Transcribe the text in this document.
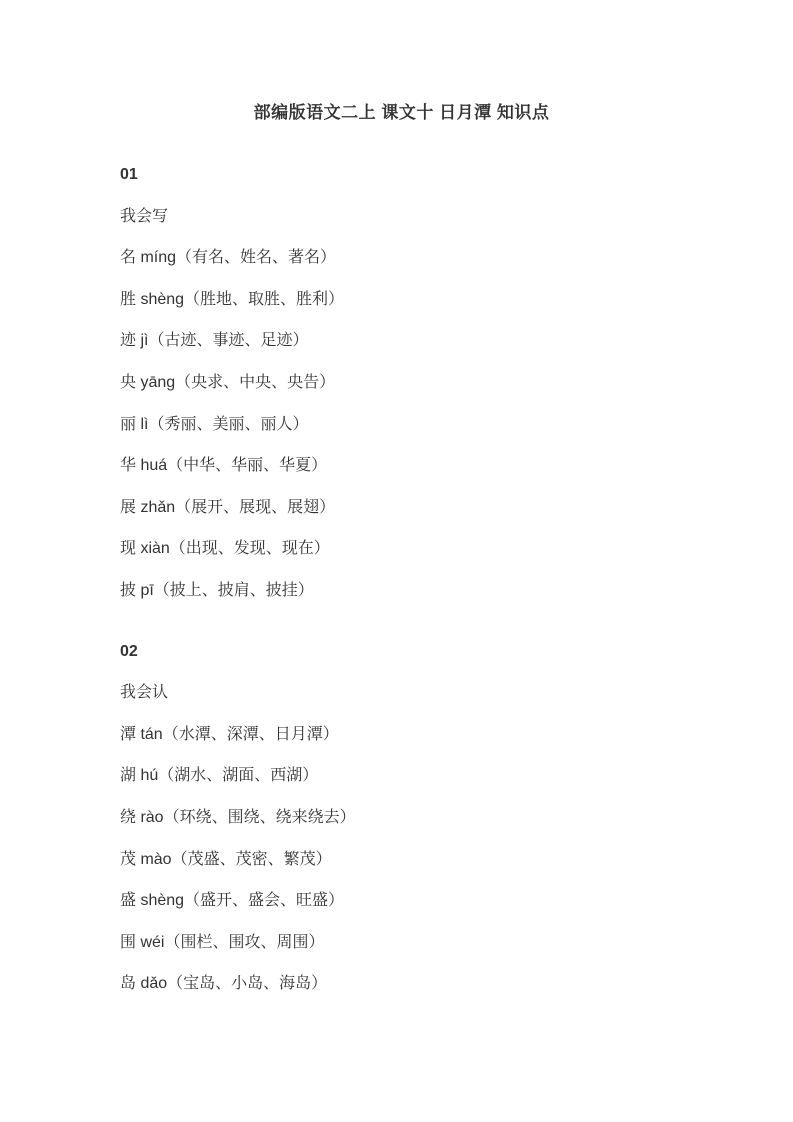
部编版语文二上 课文十 日月潭 知识点

01

我会写

名 míng（有名、姓名、著名）

胜 shèng（胜地、取胜、胜利）

迹 jì（古迹、事迹、足迹）

央 yāng（央求、中央、央告）

丽 lì（秀丽、美丽、丽人）

华 huá（中华、华丽、华夏）

展 zhǎn（展开、展现、展翅）

现 xiàn（出现、发现、现在）

披 pī（披上、披肩、披挂）

02

我会认

潭 tán（水潭、深潭、日月潭）

湖 hú（湖水、湖面、西湖）

绕 rào（环绕、围绕、绕来绕去）

茂 mào（茂盛、茂密、繁茂）

盛 shèng（盛开、盛会、旺盛）

围 wéi（围栏、围攻、周围）

岛 dǎo（宝岛、小岛、海岛）
